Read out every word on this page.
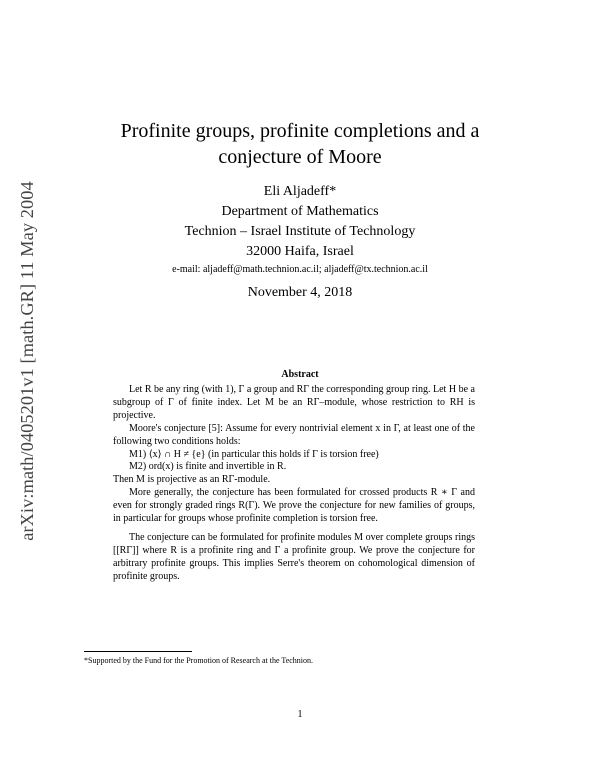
arXiv:math/0405201v1 [math.GR] 11 May 2004
Profinite groups, profinite completions and a
conjecture of Moore
Eli Aljadeff*
Department of Mathematics
Technion – Israel Institute of Technology
32000 Haifa, Israel
e-mail: aljadeff@math.technion.ac.il; aljadeff@tx.technion.ac.il
November 4, 2018
Abstract

Let R be any ring (with 1), Γ a group and RΓ the corresponding group ring. Let H be a subgroup of Γ of finite index. Let M be an RΓ–module, whose restriction to RH is projective.

Moore's conjecture [5]: Assume for every nontrivial element x in Γ, at least one of the following two conditions holds:

M1) ⟨x⟩ ∩ H ≠ {e} (in particular this holds if Γ is torsion free)

M2) ord(x) is finite and invertible in R.

Then M is projective as an RΓ-module.

More generally, the conjecture has been formulated for crossed products R ∗ Γ and even for strongly graded rings R(Γ). We prove the conjecture for new families of groups, in particular for groups whose profinite completion is torsion free.

The conjecture can be formulated for profinite modules M over complete groups rings [[RΓ]] where R is a profinite ring and Γ a profinite group. We prove the conjecture for arbitrary profinite groups. This implies Serre's theorem on cohomological dimension of profinite groups.

*Supported by the Fund for the Promotion of Research at the Technion.
1
